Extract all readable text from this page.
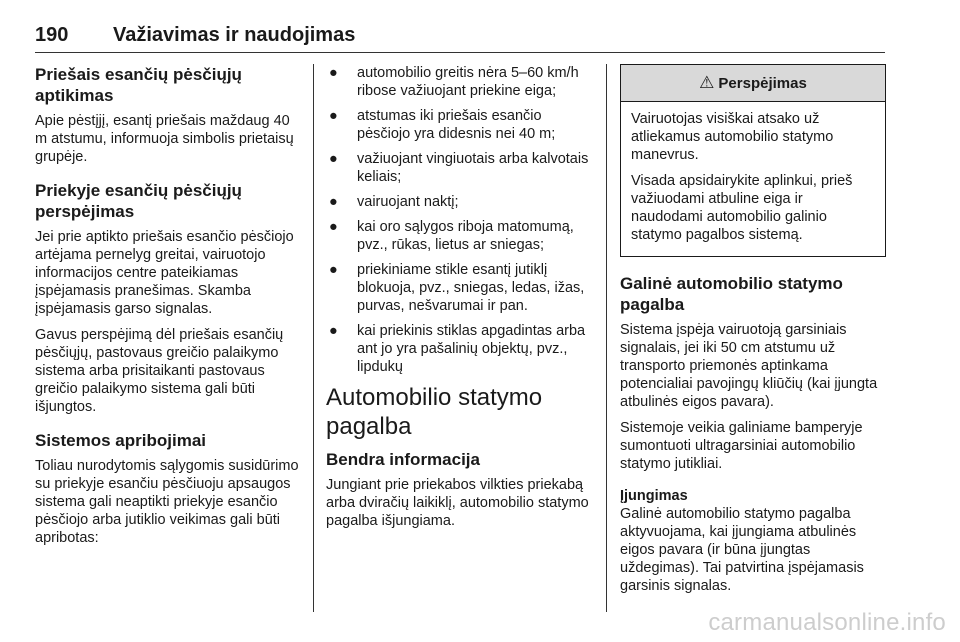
190 Važiavimas ir naudojimas
Priešais esančių pėsčiųjų aptikimas

Apie pėstįjį, esantį priešais maždaug 40 m atstumu, informuoja simbolis prietaisų grupėje.

Priekyje esančių pėsčiųjų perspėjimas

Jei prie aptikto priešais esančio pėsčiojo artėjama pernelyg greitai, vairuotojo informacijos centre pateikiamas įspėjamasis pranešimas. Skamba įspėjamasis garso signalas.

Gavus perspėjimą dėl priešais esančių pėsčiųjų, pastovaus greičio palaikymo sistema arba prisitaikanti pastovaus greičio palaikymo sistema gali būti išjungtos.

Sistemos apribojimai

Toliau nurodytomis sąlygomis susidūrimo su priekyje esančiu pėsčiuoju apsaugos sistema gali neaptikti priekyje esančio pėsčiojo arba jutiklio veikimas gali būti apribotas:

● automobilio greitis nėra 5–60 km/h ribose važiuojant priekine eiga;
● atstumas iki priešais esančio pėsčiojo yra didesnis nei 40 m;
● važiuojant vingiuotais arba kalvotais keliais;
● vairuojant naktį;
● kai oro sąlygos riboja matomumą, pvz., rūkas, lietus ar sniegas;
● priekiniame stikle esantį jutiklį blokuoja, pvz., sniegas, ledas, ižas, purvas, nešvarumai ir pan.
● kai priekinis stiklas apgadintas arba ant jo yra pašalinių objektų, pvz., lipdukų
Automobilio statymo pagalba
Bendra informacija

Jungiant prie priekabos vilkties priekabą arba dviračių laikiklį, automobilio statymo pagalba išjungiama.

⚠ Perspėjimas

Vairuotojas visiškai atsako už atliekamus automobilio statymo manevrus.

Visada apsidairykite aplinkui, prieš važiuodami atbuline eiga ir naudodami automobilio galinio statymo pagalbos sistemą.

Galinė automobilio statymo pagalba

Sistema įspėja vairuotoją garsiniais signalais, jei iki 50 cm atstumu už transporto priemonės aptinkama potencialiai pavojingų kliūčių (kai įjungta atbulinės eigos pavara).

Sistemoje veikia galiniame bamperyje sumontuoti ultragarsiniai automobilio statymo jutikliai.

Įjungimas

Galinė automobilio statymo pagalba aktyvuojama, kai įjungiama atbulinės eigos pavara (ir būna įjungtas uždegimas). Tai patvirtina įspėjamasis garsinis signalas.

carmanualsonline.info
